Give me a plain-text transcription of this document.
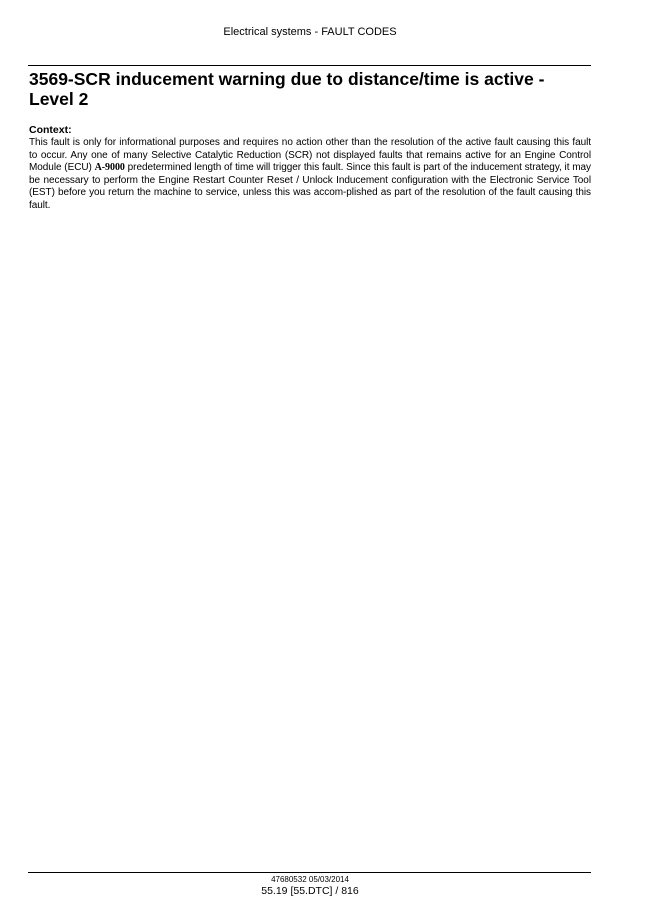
Electrical systems - FAULT CODES
3569-SCR inducement warning due to distance/time is active - Level 2
Context:

This fault is only for informational purposes and requires no action other than the resolution of the active fault causing this fault to occur. Any one of many Selective Catalytic Reduction (SCR) not displayed faults that remains active for an Engine Control Module (ECU) A-9000 predetermined length of time will trigger this fault. Since this fault is part of the inducement strategy, it may be necessary to perform the Engine Restart Counter Reset / Unlock Inducement configuration with the Electronic Service Tool (EST) before you return the machine to service, unless this was accom-plished as part of the resolution of the fault causing this fault.

47680532 05/03/2014
55.19 [55.DTC] / 816
